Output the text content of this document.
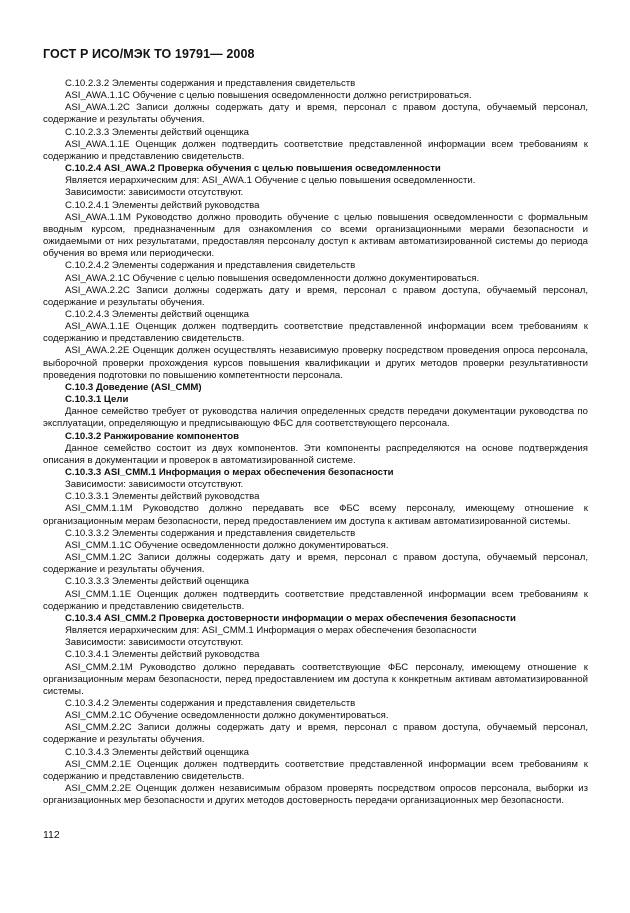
ГОСТ Р ИСО/МЭК ТО 19791— 2008

С.10.2.3.2 Элементы содержания и представления свидетельств

ASI_AWA.1.1C Обучение с целью повышения осведомленности должно регистрироваться.

ASI_AWA.1.2C Записи должны содержать дату и время, персонал с правом доступа, обучаемый персонал, содержание и результаты обучения.

С.10.2.3.3 Элементы действий оценщика

ASI_AWA.1.1E Оценщик должен подтвердить соответствие представленной информации всем требованиям к содержанию и представлению свидетельств.

С.10.2.4 ASI_AWA.2 Проверка обучения с целью повышения осведомленности

Является иерархическим для: ASI_AWA.1 Обучение с целью повышения осведомленности.

Зависимости: зависимости отсутствуют.

С.10.2.4.1 Элементы действий руководства

ASI_AWA.1.1M Руководство должно проводить обучение с целью повышения осведомленности с формальным вводным курсом, предназначенным для ознакомления со всеми организационными мерами безопасности и ожидаемыми от них результатами, предоставляя персоналу доступ к активам автоматизированной системы до периода обучения во время или периодически.

С.10.2.4.2 Элементы содержания и представления свидетельств

ASI_AWA.2.1C Обучение с целью повышения осведомленности должно документироваться.

ASI_AWA.2.2C Записи должны содержать дату и время, персонал с правом доступа, обучаемый персонал, содержание и результаты обучения.

С.10.2.4.3 Элементы действий оценщика

ASI_AWA.1.1E Оценщик должен подтвердить соответствие представленной информации всем требованиям к содержанию и представлению свидетельств.

ASI_AWA.2.2E Оценщик должен осуществлять независимую проверку посредством проведения опроса персонала, выборочной проверки прохождения курсов повышения квалификации и других методов проверки результативности проведения подготовки по повышению компетентности персонала.

С.10.3 Доведение (ASI_CMM)

С.10.3.1 Цели

Данное семейство требует от руководства наличия определенных средств передачи документации руководства по эксплуатации, определяющую и предписывающую ФБС для соответствующего персонала.

С.10.3.2 Ранжирование компонентов

Данное семейство состоит из двух компонентов. Эти компоненты распределяются на основе подтверждения описания в документации и проверок в автоматизированной системе.

С.10.3.3 ASI_CMM.1 Информация о мерах обеспечения безопасности

Зависимости: зависимости отсутствуют.

С.10.3.3.1 Элементы действий руководства

ASI_CMM.1.1M Руководство должно передавать все ФБС всему персоналу, имеющему отношение к организационным мерам безопасности, перед предоставлением им доступа к активам автоматизированной системы.

С.10.3.3.2 Элементы содержания и представления свидетельств

ASI_CMM.1.1C Обучение осведомленности должно документироваться.

ASI_CMM.1.2C Записи должны содержать дату и время, персонал с правом доступа, обучаемый персонал, содержание и результаты обучения.

С.10.3.3.3 Элементы действий оценщика

ASI_CMM.1.1E Оценщик должен подтвердить соответствие представленной информации всем требованиям к содержанию и представлению свидетельств.

С.10.3.4 ASI_CMM.2 Проверка достоверности информации о мерах обеспечения безопасности

Является иерархическим для: ASI_CMM.1 Информация о мерах обеспечения безопасности

Зависимости: зависимости отсутствуют.

С.10.3.4.1 Элементы действий руководства

ASI_CMM.2.1M Руководство должно передавать соответствующие ФБС персоналу, имеющему отношение к организационным мерам безопасности, перед предоставлением им доступа к конкретным активам автоматизированной системы.

С.10.3.4.2 Элементы содержания и представления свидетельств

ASI_CMM.2.1C Обучение осведомленности должно документироваться.

ASI_CMM.2.2C Записи должны содержать дату и время, персонал с правом доступа, обучаемый персонал, содержание и результаты обучения.

С.10.3.4.3 Элементы действий оценщика

ASI_CMM.2.1E Оценщик должен подтвердить соответствие представленной информации всем требованиям к содержанию и представлению свидетельств.

ASI_CMM.2.2E Оценщик должен независимым образом проверять посредством опросов персонала, выборки из организационных мер безопасности и других методов достоверность передачи организационных мер безопасности.

112
